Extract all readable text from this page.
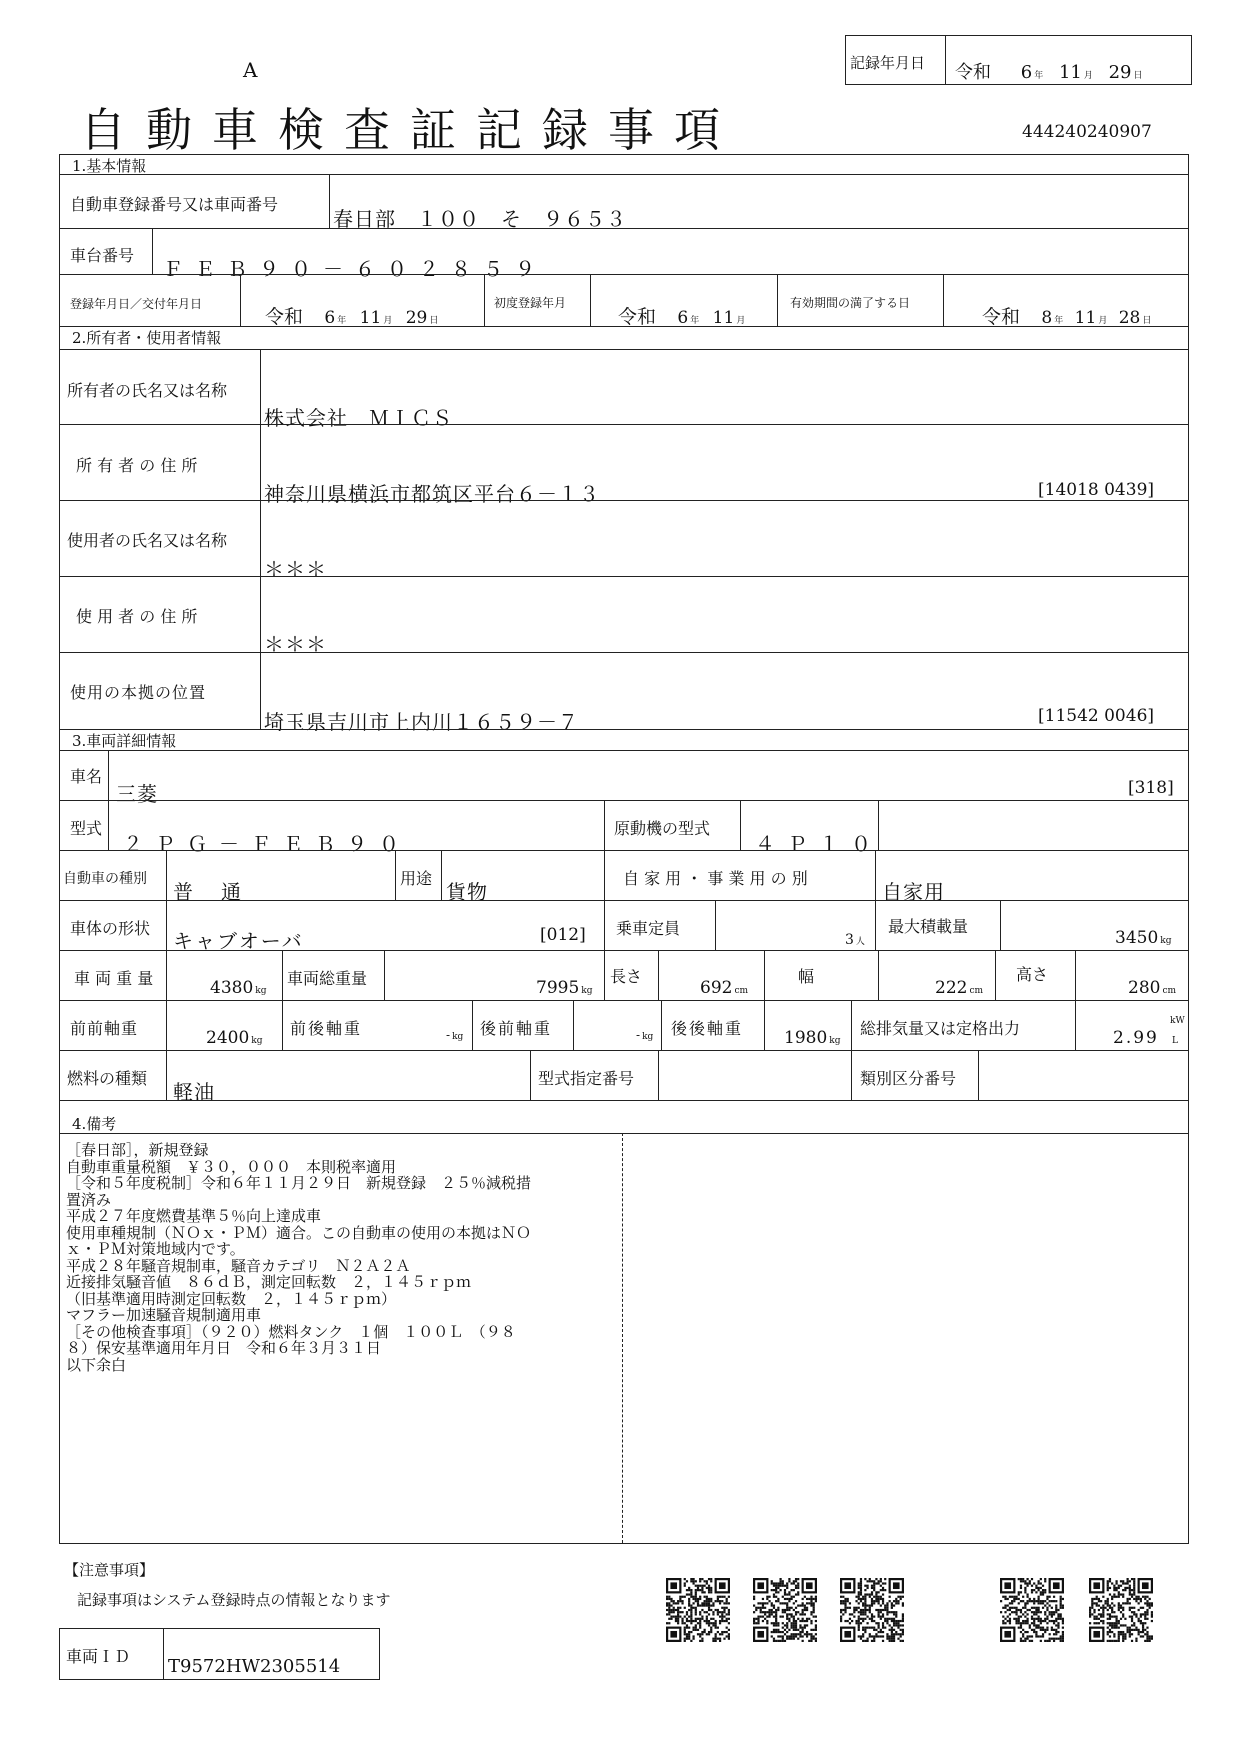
A
自動車検査証記録事項
記録年月日 令和 6 年 11 月 29 日
444240240907
1.基本情報
自動車登録番号又は車両番号
春日部　１００　そ　９６５３
車台番号
ＦＥＢ９０－６０２８５９
登録年月日／交付年月日
令和 6 年 11 月 29 日
初度登録年月
令和 6 年 11 月
有効期間の満了する日
令和 8 年 11 月 28 日
2.所有者・使用者情報
所有者の氏名又は名称
株式会社　ＭＩＣＳ
所 有 者 の 住 所
神奈川県横浜市都筑区平台６－１３	[14018 0439]
使用者の氏名又は名称
＊＊＊
使 用 者 の 住 所
＊＊＊
使用の本拠の位置
埼玉県吉川市上内川１６５９－７	[11542 0046]
3.車両詳細情報
車名
三菱	[318]
型式
２ＰＧ－ＦＥＢ９０
原動機の型式
４Ｐ１０
自動車の種別
普　通
用途
貨物
自 家 用 ・ 事 業 用 の 別
自家用
車体の形状
キャブオーバ	[012] 乗車定員
3 人
最大積載量
3450 kg
車 両 重 量	4380 kg
車両総重量	7995 kg
長さ
692 cm
幅
222 cm
高さ
280 cm
前前軸重	2400 kg
前後軸重	- kg 後前軸重	- kg 後後軸重 1980 kg
総排気量又は定格出力	2.99
kW
L
燃料の種類
軽油
型式指定番号	類別区分番号
4.備考
［春日部］，新規登録
自動車重量税額　￥３０，０００　本則税率適用
［令和５年度税制］令和６年１１月２９日　新規登録　２５％減税措
置済み
平成２７年度燃費基準５％向上達成車
使用車種規制（ＮＯｘ・ＰＭ）適合。この自動車の使用の本拠はＮＯ
ｘ・ＰＭ対策地域内です。
平成２８年騒音規制車，騒音カテゴリ　Ｎ２Ａ２Ａ
近接排気騒音値　８６ｄＢ，測定回転数　２，１４５ｒｐｍ
（旧基準適用時測定回転数　２，１４５ｒｐｍ）
マフラー加速騒音規制適用車
［その他検査事項］（９２０）燃料タンク　１個　１００Ｌ　（９８
８）保安基準適用年月日　令和６年３月３１日
以下余白
【注意事項】
記録事項はシステム登録時点の情報となります
車両ＩＤ T9572HW2305514
